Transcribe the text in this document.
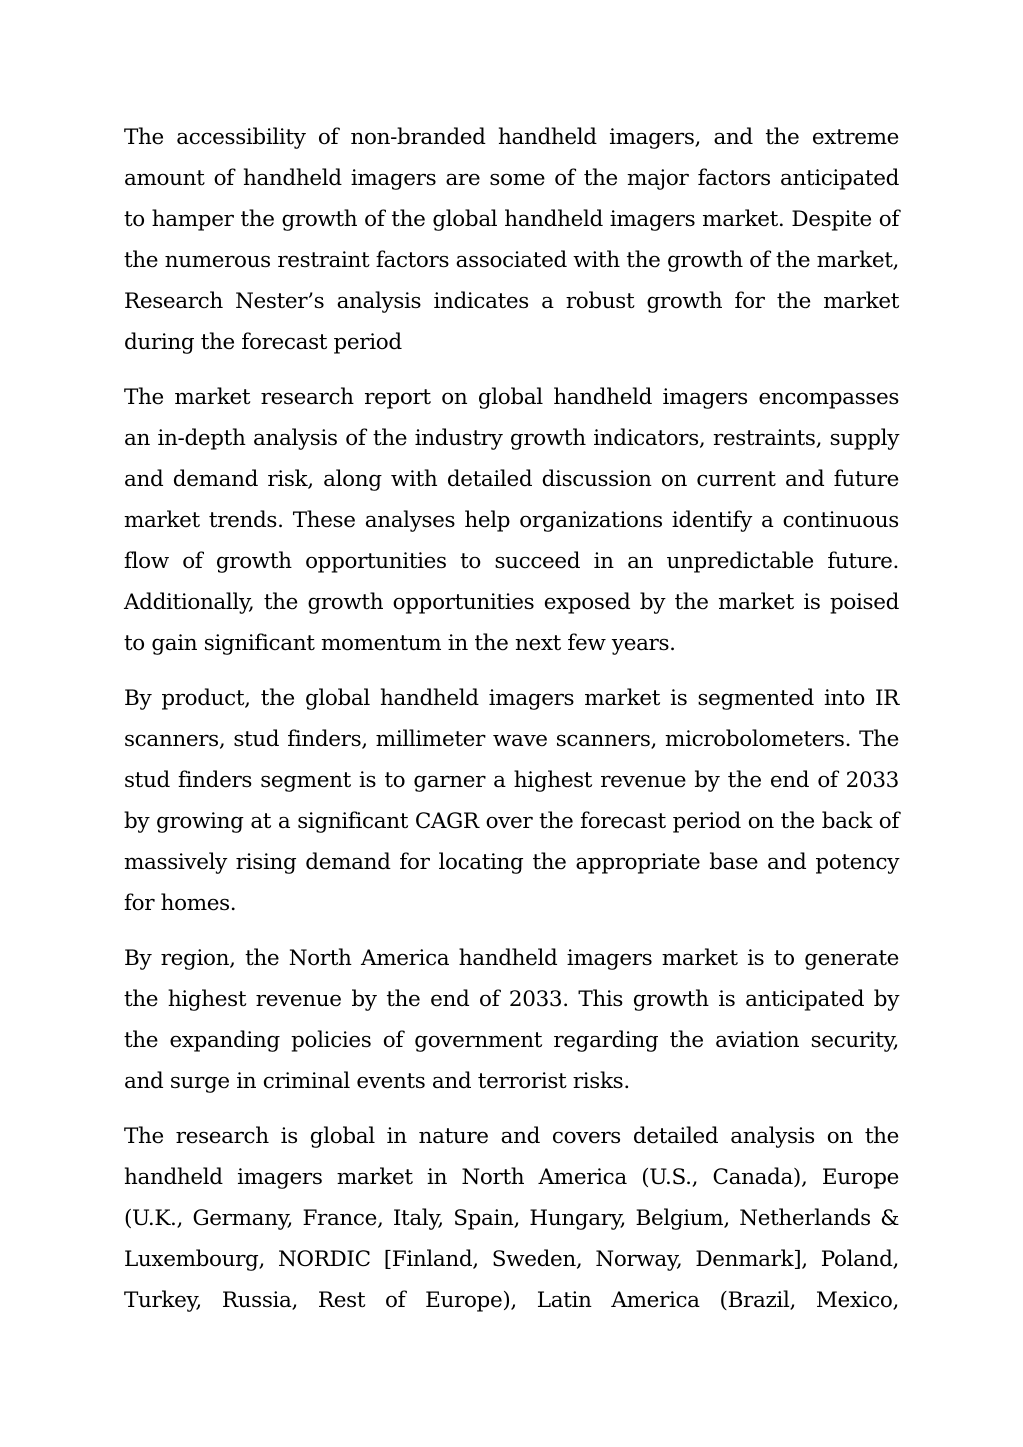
The accessibility of non-branded handheld imagers, and the extreme amount of handheld imagers are some of the major factors anticipated to hamper the growth of the global handheld imagers market. Despite of the numerous restraint factors associated with the growth of the market, Research Nester’s analysis indicates a robust growth for the market during the forecast period

The market research report on global handheld imagers encompasses an in-depth analysis of the industry growth indicators, restraints, supply and demand risk, along with detailed discussion on current and future market trends. These analyses help organizations identify a continuous flow of growth opportunities to succeed in an unpredictable future. Additionally, the growth opportunities exposed by the market is poised to gain significant momentum in the next few years.

By product, the global handheld imagers market is segmented into IR scanners, stud finders, millimeter wave scanners, microbolometers. The stud finders segment is to garner a highest revenue by the end of 2033 by growing at a significant CAGR over the forecast period on the back of massively rising demand for locating the appropriate base and potency for homes.

By region, the North America handheld imagers market is to generate the highest revenue by the end of 2033. This growth is anticipated by the expanding policies of government regarding the aviation security, and surge in criminal events and terrorist risks.

The research is global in nature and covers detailed analysis on the handheld imagers market in North America (U.S., Canada), Europe (U.K., Germany, France, Italy, Spain, Hungary, Belgium, Netherlands & Luxembourg, NORDIC [Finland, Sweden, Norway, Denmark], Poland, Turkey, Russia, Rest of Europe), Latin America (Brazil, Mexico,
